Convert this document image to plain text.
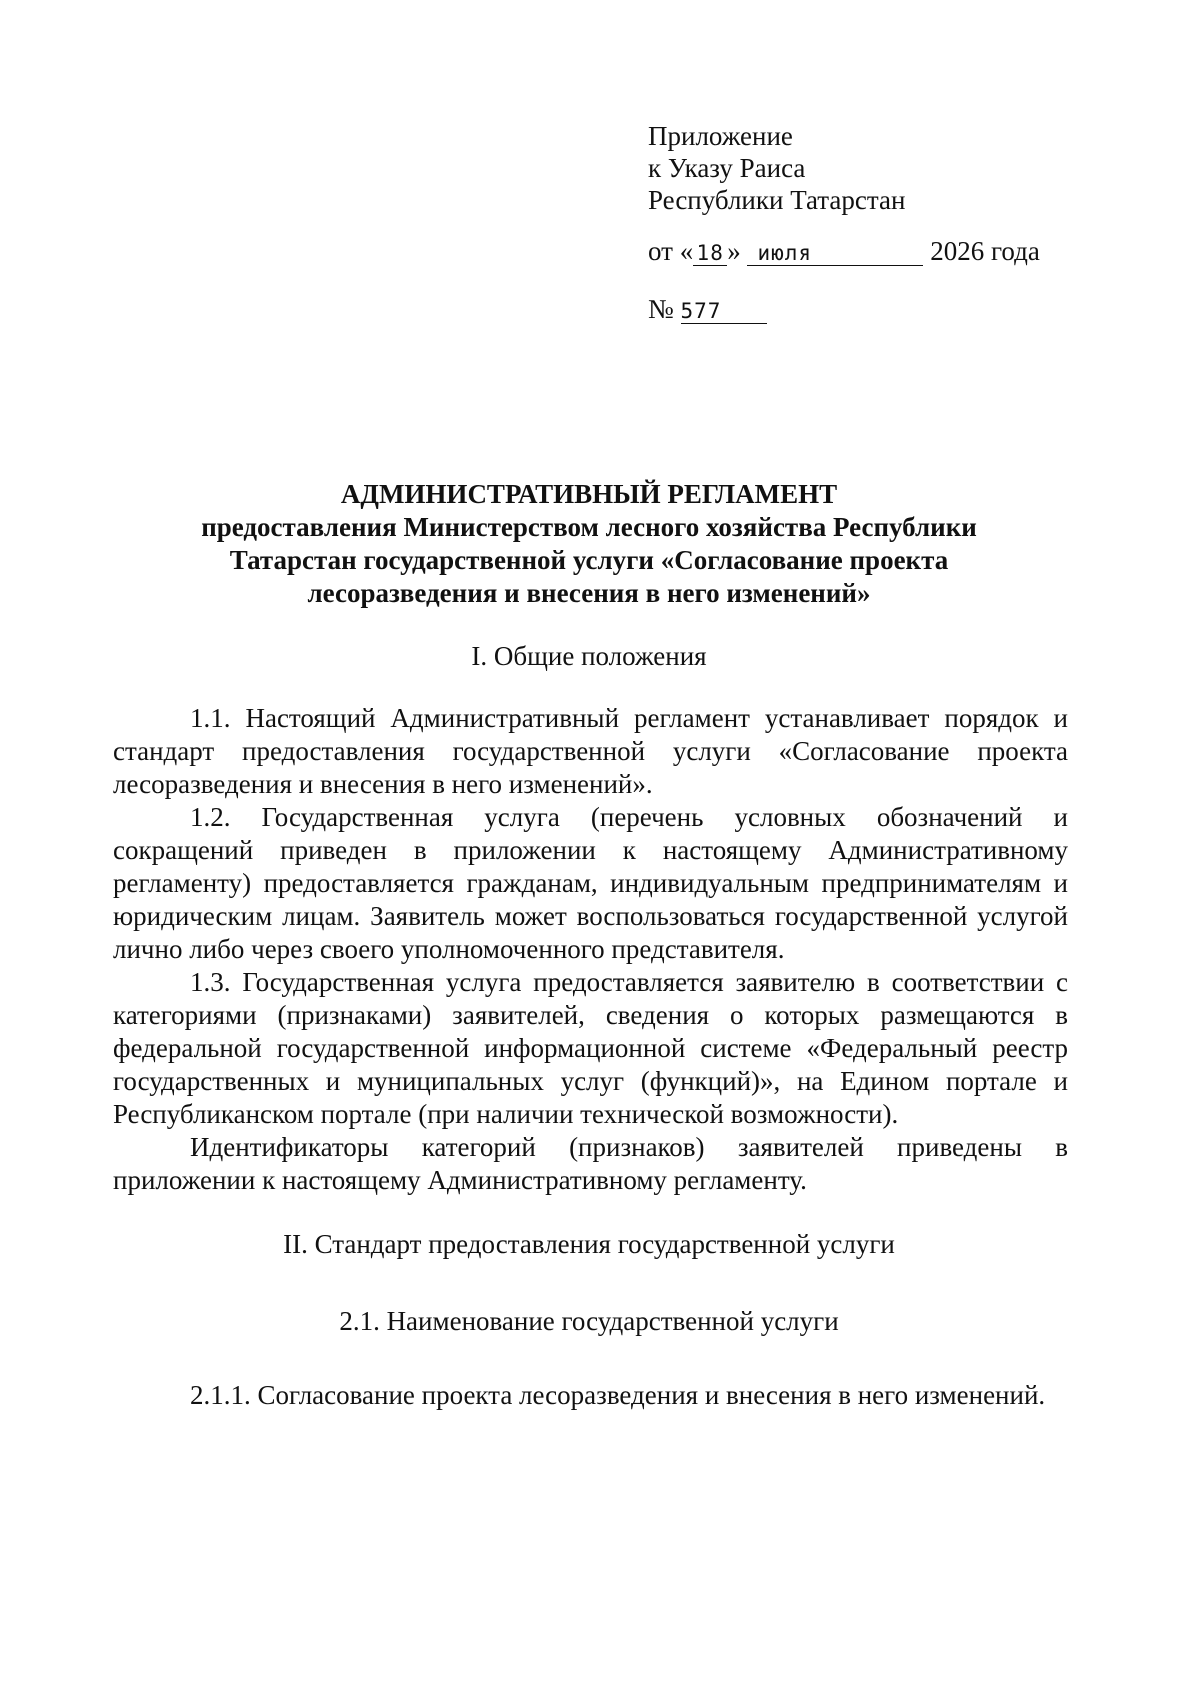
Приложение
к Указу Раиса
Республики Татарстан
от « 18 » июля	2026 года
№ 577
АДМИНИСТРАТИВНЫЙ РЕГЛАМЕНТ
предоставления Министерством лесного хозяйства Республики
Татарстан государственной услуги «Согласование проекта
лесоразведения и внесения в него изменений»
I. Общие положения

1.1. Настоящий Административный регламент устанавливает порядок и стандарт предоставления государственной услуги «Согласование проекта лесоразведения и внесения в него изменений».

1.2. Государственная услуга (перечень условных обозначений и сокращений приведен в приложении к настоящему Административному регламенту) предоставляется гражданам, индивидуальным предпринимателям и юридическим лицам. Заявитель может воспользоваться государственной услугой лично либо через своего уполномоченного представителя.

1.3. Государственная услуга предоставляется заявителю в соответствии с категориями (признаками) заявителей, сведения о которых размещаются в федеральной государственной информационной системе «Федеральный реестр государственных и муниципальных услуг (функций)», на Едином портале и Республиканском портале (при наличии технической возможности).

Идентификаторы категорий (признаков) заявителей приведены в приложении к настоящему Административному регламенту.

II. Стандарт предоставления государственной услуги
2.1. Наименование государственной услуги

2.1.1. Согласование проекта лесоразведения и внесения в него изменений.
